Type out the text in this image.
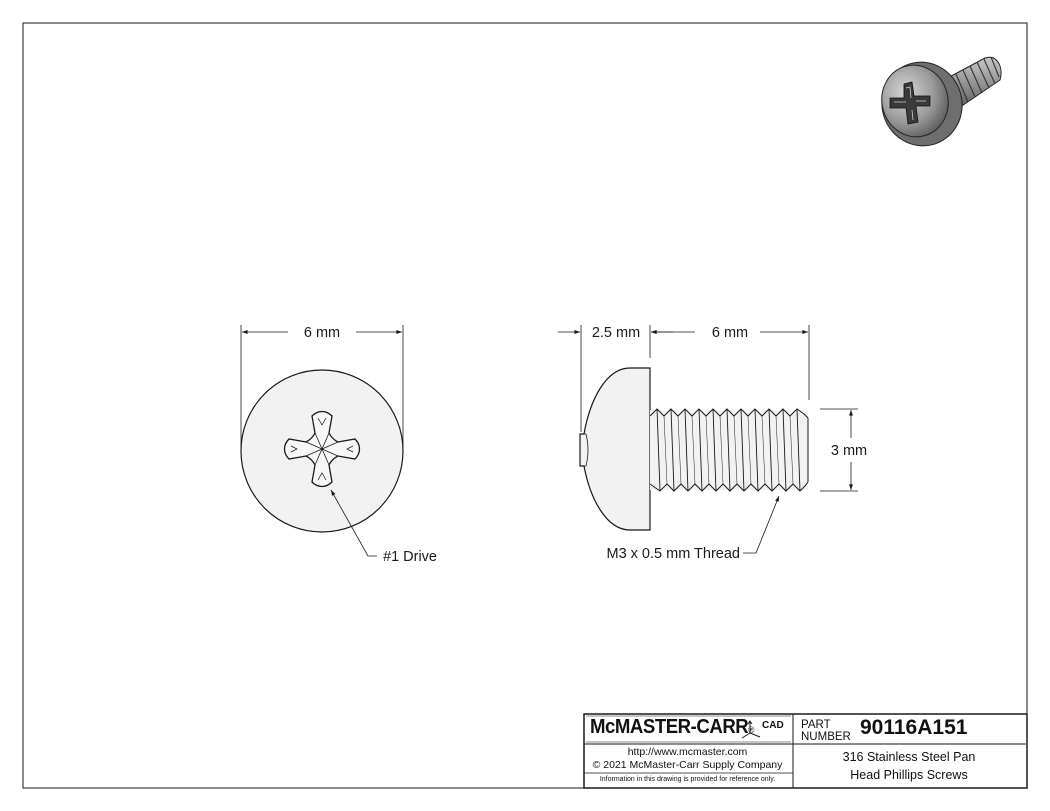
6 mm	2.5 mm	6 mm
3 mm
#1 Drive	M3 x 0.5 mm Thread
McMASTER-CARR® CAD PART
NUMBER 90116A151
http://www.mcmaster.com
© 2021 McMaster-Carr Supply Company
Information in this drawing is provided for reference only.
316 Stainless Steel Pan
Head Phillips Screws
